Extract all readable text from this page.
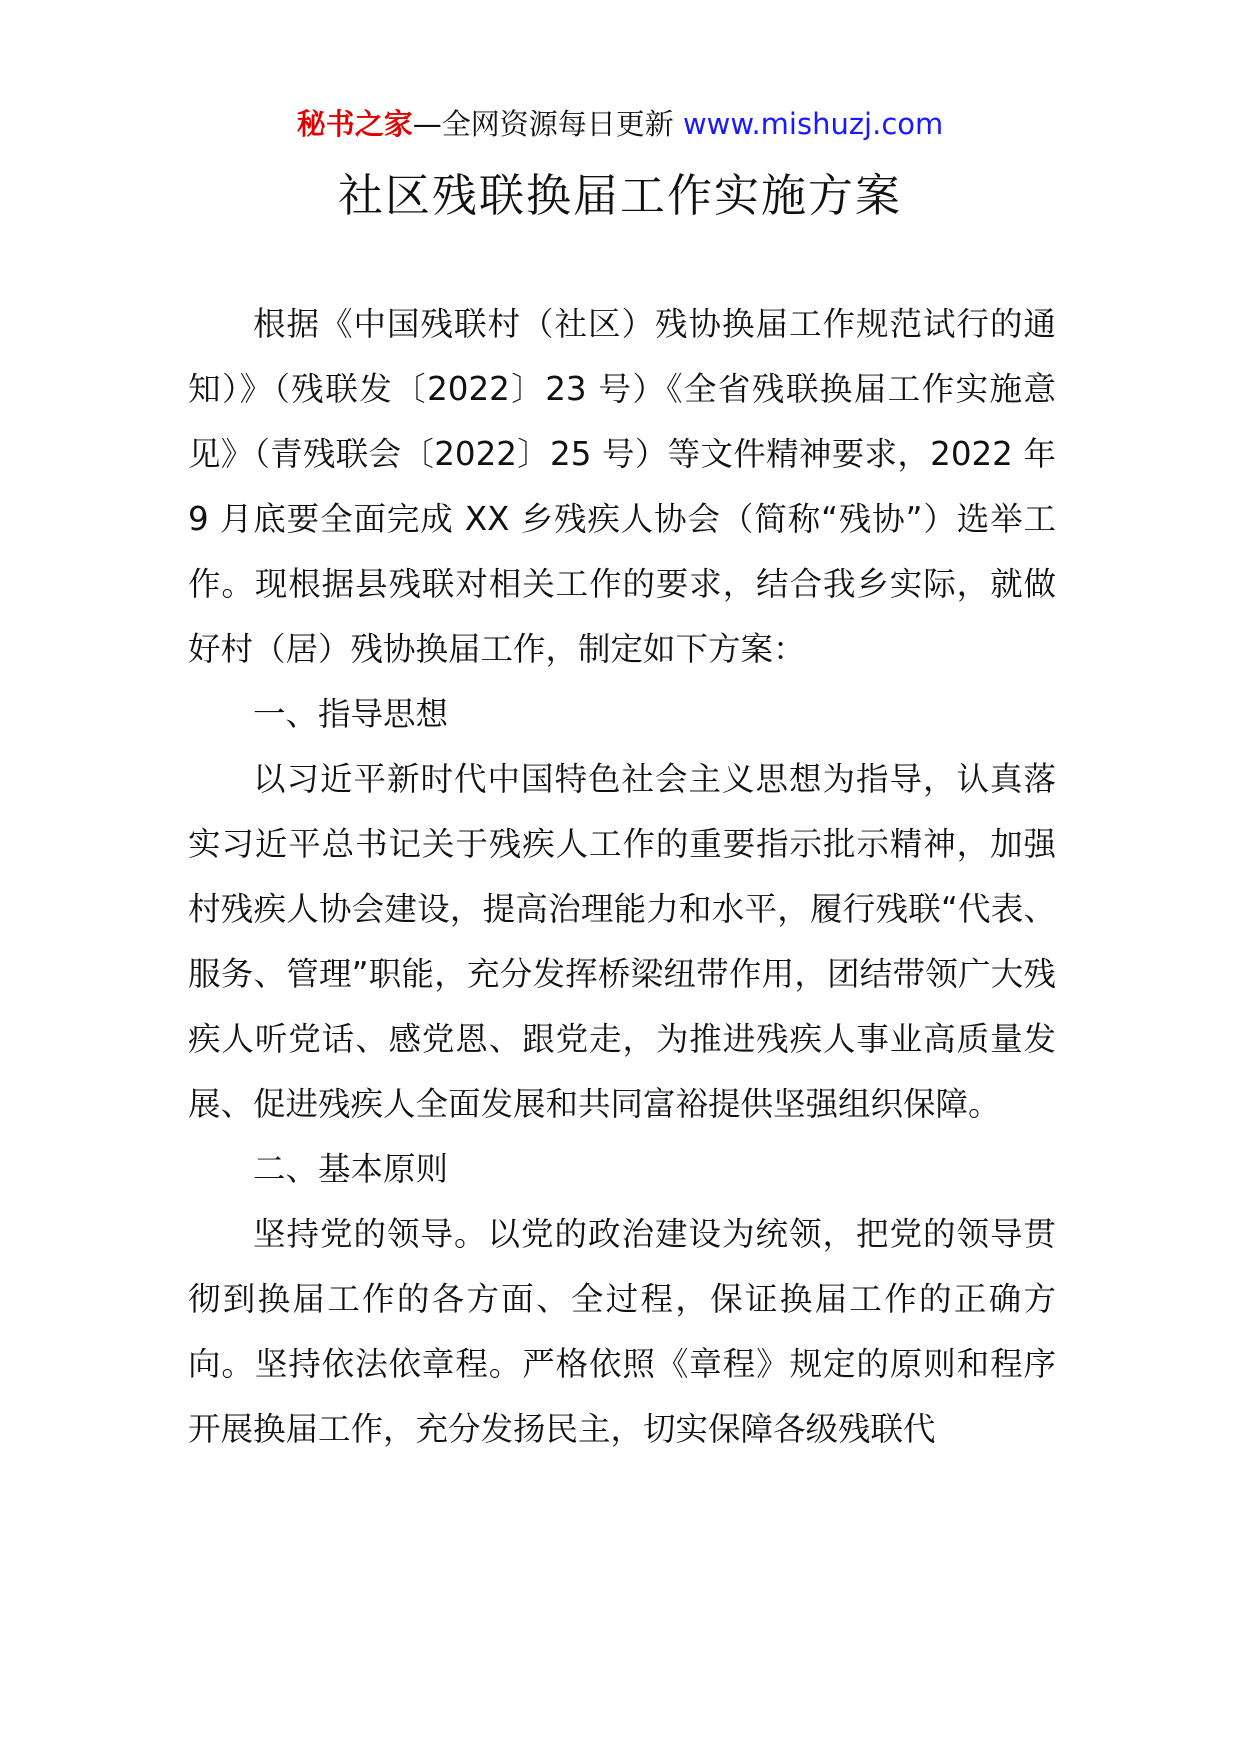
秘书之家—全网资源每日更新 www.mishuzj.com
社区残联换届工作实施方案

根据《中国残联村（社区）残协换届工作规范试行的通知）》（残联发〔2022〕23 号）《全省残联换届工作实施意见》（青残联会〔2022〕25 号）等文件精神要求，2022 年 9 月底要全面完成 XX 乡残疾人协会（简称“残协”）选举工作。现根据县残联对相关工作的要求，结合我乡实际，就做好村（居）残协换届工作，制定如下方案：

一、指导思想

以习近平新时代中国特色社会主义思想为指导，认真落实习近平总书记关于残疾人工作的重要指示批示精神，加强村残疾人协会建设，提高治理能力和水平，履行残联“代表、服务、管理”职能，充分发挥桥梁纽带作用，团结带领广大残疾人听党话、感党恩、跟党走，为推进残疾人事业高质量发展、促进残疾人全面发展和共同富裕提供坚强组织保障。

二、基本原则

坚持党的领导。以党的政治建设为统领，把党的领导贯彻到换届工作的各方面、全过程，保证换届工作的正确方向。坚持依法依章程。严格依照《章程》规定的原则和程序开展换届工作，充分发扬民主，切实保障各级残联代
